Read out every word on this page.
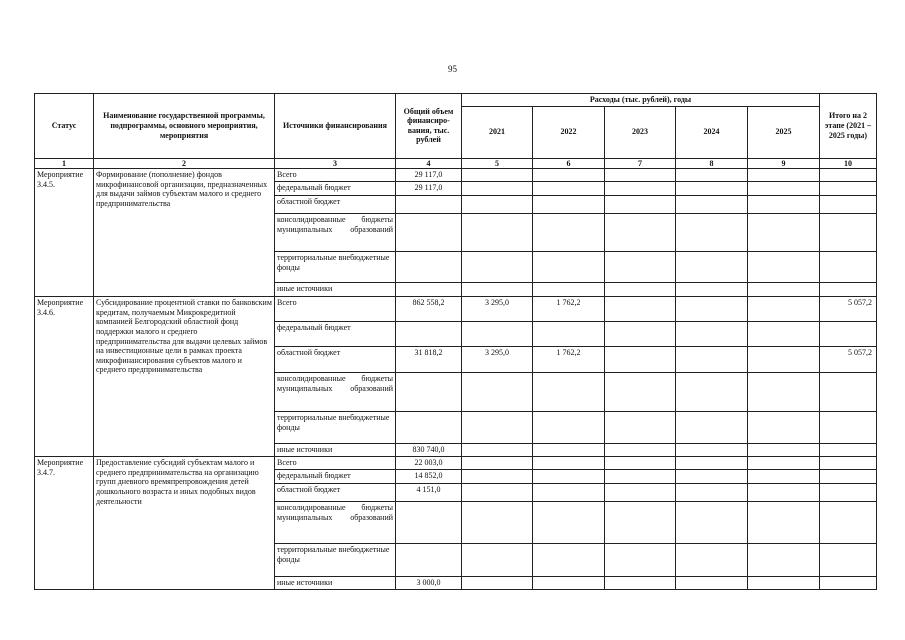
95
Статус	Наименование государственной программы, подпрограммы, основного мероприятия, мероприятия	Источники финансирования	Общий объем финансиро-вания, тыс. рублей	Расходы (тыс. рублей), годы					Итого на 2 этапе (2021 – 2025 годы)
				2021	2022	2023	2024	2025	
1	2	3	4	5	6	7	8	9	10
Мероприятие 3.4.5.	Формирование (пополнение) фондов микрофинансовой организации, предназначенных для выдачи займов субъектам малого и среднего предпринимательства	Всего	29 117,0						
		федеральный бюджет	29 117,0						
		областной бюджет							
		консолидированные бюджеты муниципальных образований							
		территориальные внебюджетные фонды							
		иные источники							
Мероприятие 3.4.6.	Субсидирование процентной ставки по банковским кредитам, получаемым Микрокредитной компанией Белгородский областной фонд поддержки малого и среднего предпринимательства для выдачи целевых займов на инвестиционные цели в рамках проекта микрофинансирования субъектов малого и среднего предпринимательства	Всего	862 558,2	3 295,0	1 762,2				5 057,2
		федеральный бюджет							
		областной бюджет	31 818,2	3 295,0	1 762,2				5 057,2
		консолидированные бюджеты муниципальных образований							
		территориальные внебюджетные фонды							
		иные источники	830 740,0						
Мероприятие 3.4.7.	Предоставление субсидий субъектам малого и среднего предпринимательства на организацию групп дневного времяпрепровождения детей дошкольного возраста и иных подобных видов деятельности	Всего	22 003,0						
		федеральный бюджет	14 852,0						
		областной бюджет	4 151,0						
		консолидированные бюджеты муниципальных образований							
		территориальные внебюджетные фонды							
		иные источники	3 000,0						
